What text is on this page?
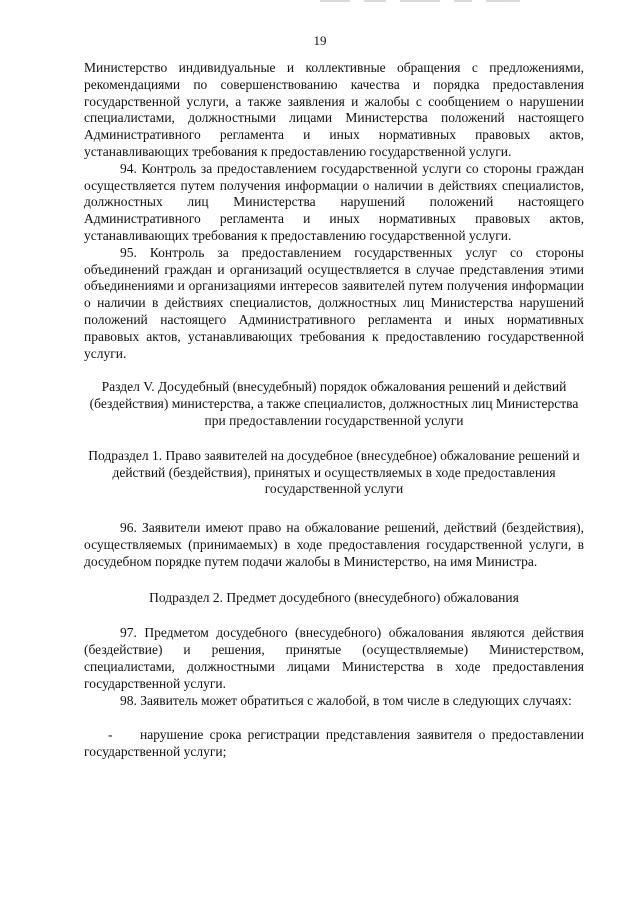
19

Министерство индивидуальные и коллективные обращения с предложениями, рекомендациями по совершенствованию качества и порядка предоставления государственной услуги, а также заявления и жалобы с сообщением о нарушении специалистами, должностными лицами Министерства положений настоящего Административного регламента и иных нормативных правовых актов, устанавливающих требования к предоставлению государственной услуги.

94. Контроль за предоставлением государственной услуги со стороны граждан осуществляется путем получения информации о наличии в действиях специалистов, должностных лиц Министерства нарушений положений настоящего Административного регламента и иных нормативных правовых актов, устанавливающих требования к предоставлению государственной услуги.

95. Контроль за предоставлением государственных услуг со стороны объединений граждан и организаций осуществляется в случае представления этими объединениями и организациями интересов заявителей путем получения информации о наличии в действиях специалистов, должностных лиц Министерства нарушений положений настоящего Административного регламента и иных нормативных правовых актов, устанавливающих требования к предоставлению государственной услуги.

Раздел V. Досудебный (внесудебный) порядок обжалования решений и действий (бездействия) министерства, а также специалистов, должностных лиц Министерства при предоставлении государственной услуги

Подраздел 1. Право заявителей на досудебное (внесудебное) обжалование решений и действий (бездействия), принятых и осуществляемых в ходе предоставления государственной услуги

96. Заявители имеют право на обжалование решений, действий (бездействия), осуществляемых (принимаемых) в ходе предоставления государственной услуги, в досудебном порядке путем подачи жалобы в Министерство, на имя Министра.

Подраздел 2. Предмет досудебного (внесудебного) обжалования

97. Предметом досудебного (внесудебного) обжалования являются действия (бездействие) и решения, принятые (осуществляемые) Министерством, специалистами, должностными лицами Министерства в ходе предоставления государственной услуги.

98. Заявитель может обратиться с жалобой, в том числе в следующих случаях:

- нарушение срока регистрации представления заявителя о предоставлении государственной услуги;
